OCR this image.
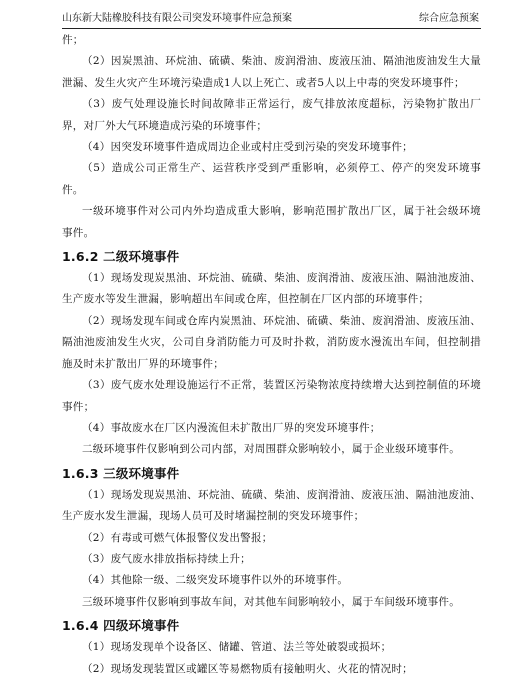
山东新大陆橡胶科技有限公司突发环境事件应急预案	综合应急预案

件；

（2）因炭黑油、环烷油、硫磺、柴油、废润滑油、废液压油、隔油池废油发生大量泄漏、发生火灾产生环境污染造成1人以上死亡、或者5人以上中毒的突发环境事件；

（3）废气处理设施长时间故障非正常运行，废气排放浓度超标，污染物扩散出厂界，对厂外大气环境造成污染的环境事件；

（4）因突发环境事件造成周边企业或村庄受到污染的突发环境事件；

（5）造成公司正常生产、运营秩序受到严重影响，必须停工、停产的突发环境事件。

一级环境事件对公司内外均造成重大影响，影响范围扩散出厂区，属于社会级环境事件。

1.6.2 二级环境事件

（1）现场发现炭黑油、环烷油、硫磺、柴油、废润滑油、废液压油、隔油池废油、生产废水等发生泄漏，影响超出车间或仓库，但控制在厂区内部的环境事件；

（2）现场发现车间或仓库内炭黑油、环烷油、硫磺、柴油、废润滑油、废液压油、隔油池废油发生火灾，公司自身消防能力可及时扑救，消防废水漫流出车间，但控制措施及时未扩散出厂界的环境事件；

（3）废气废水处理设施运行不正常，装置区污染物浓度持续增大达到控制值的环境事件；

（4）事故废水在厂区内漫流但未扩散出厂界的突发环境事件；

二级环境事件仅影响到公司内部，对周围群众影响较小，属于企业级环境事件。

1.6.3 三级环境事件

（1）现场发现炭黑油、环烷油、硫磺、柴油、废润滑油、废液压油、隔油池废油、生产废水发生泄漏，现场人员可及时堵漏控制的突发环境事件；

（2）有毒或可燃气体报警仪发出警报；

（3）废气废水排放指标持续上升；

（4）其他除一级、二级突发环境事件以外的环境事件。

三级环境事件仅影响到事故车间，对其他车间影响较小，属于车间级环境事件。

1.6.4 四级环境事件

（1）现场发现单个设备区、储罐、管道、法兰等处破裂或损坏；

（2）现场发现装置区或罐区等易燃物质有接触明火、火花的情况时；
